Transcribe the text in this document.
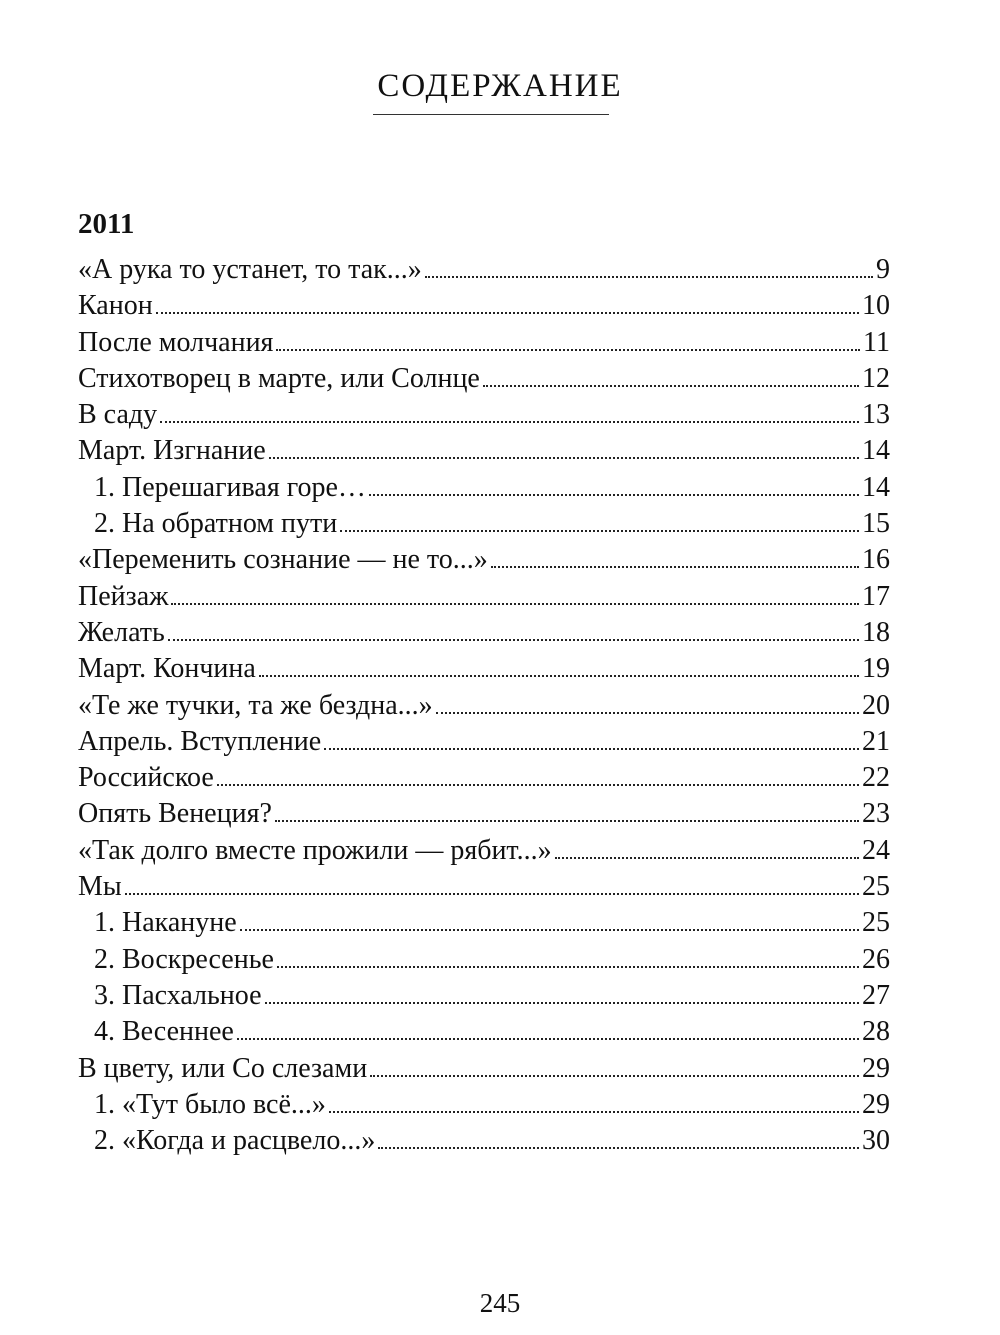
СОДЕРЖАНИЕ
2011
«А рука то устанет, то так...»	9
Канон	10
После молчания	11
Стихотворец в марте, или Солнце	12
В саду	13
Март. Изгнание	14
1. Перешагивая горе…	14
2. На обратном пути	15
«Переменить сознание — не то...»	16
Пейзаж	17
Желать	18
Март. Кончина	19
«Те же тучки, та же бездна...»	20
Апрель. Вступление	21
Российское	22
Опять Венеция?	23
«Так долго вместе прожили — рябит...»	24
Мы	25
1. Накануне	25
2. Воскресенье	26
3. Пасхальное	27
4. Весеннее	28
В цвету, или Со слезами	29
1. «Тут было всё...»	29
2. «Когда и расцвело...»	30
245
